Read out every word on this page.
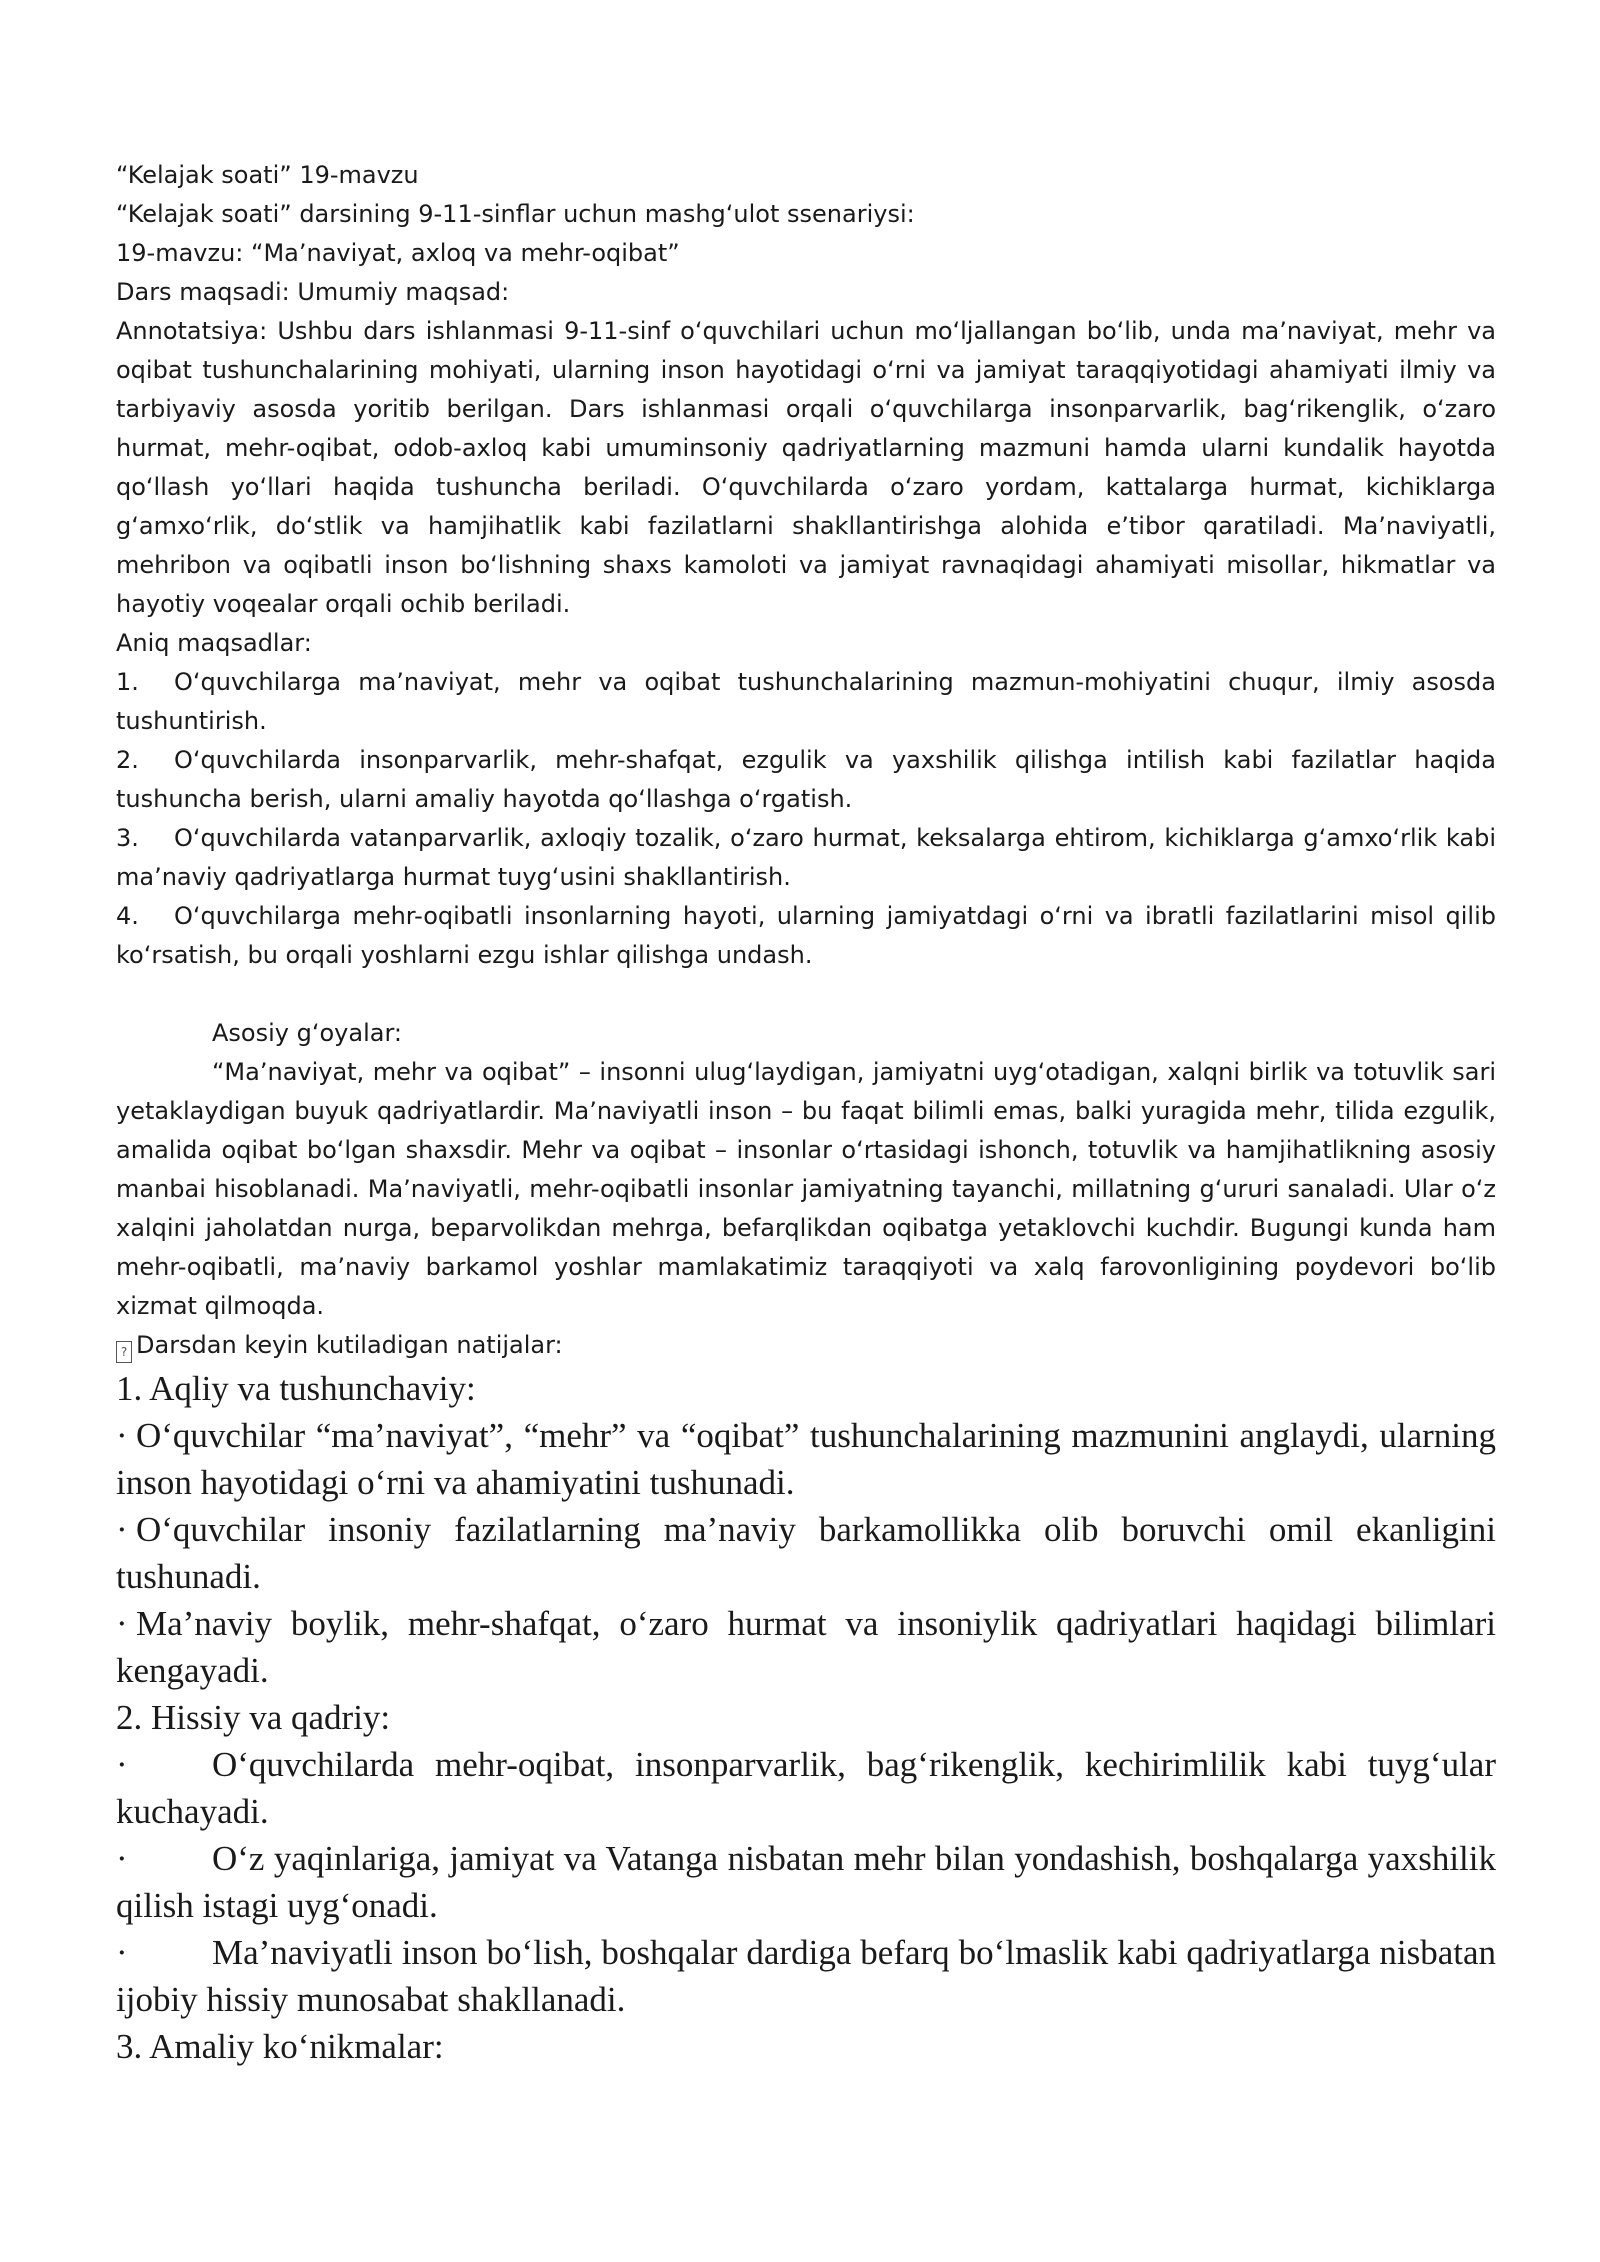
“Kelajak soati” 19-mavzu

“Kelajak soati” darsining 9-11-sinflar uchun mashg‘ulot ssenariysi:

19-mavzu: “Ma’naviyat, axloq va mehr-oqibat”

Dars maqsadi: Umumiy maqsad:

Annotatsiya: Ushbu dars ishlanmasi 9-11-sinf o‘quvchilari uchun mo‘ljallangan bo‘lib, unda ma’naviyat, mehr va oqibat tushunchalarining mohiyati, ularning inson hayotidagi o‘rni va jamiyat taraqqiyotidagi ahamiyati ilmiy va tarbiyaviy asosda yoritib berilgan. Dars ishlanmasi orqali o‘quvchilarga insonparvarlik, bag‘rikenglik, o‘zaro hurmat, mehr-oqibat, odob-axloq kabi umuminsoniy qadriyatlarning mazmuni hamda ularni kundalik hayotda qo‘llash yo‘llari haqida tushuncha beriladi. O‘quvchilarda o‘zaro yordam, kattalarga hurmat, kichiklarga g‘amxo‘rlik, do‘stlik va hamjihatlik kabi fazilatlarni shakllantirishga alohida e’tibor qaratiladi. Ma’naviyatli, mehribon va oqibatli inson bo‘lishning shaxs kamoloti va jamiyat ravnaqidagi ahamiyati misollar, hikmatlar va hayotiy voqealar orqali ochib beriladi.

Aniq maqsadlar:

1. O‘quvchilarga ma’naviyat, mehr va oqibat tushunchalarining mazmun-mohiyatini chuqur, ilmiy asosda tushuntirish.

2. O‘quvchilarda insonparvarlik, mehr-shafqat, ezgulik va yaxshilik qilishga intilish kabi fazilatlar haqida tushuncha berish, ularni amaliy hayotda qo‘llashga o‘rgatish.

3. O‘quvchilarda vatanparvarlik, axloqiy tozalik, o‘zaro hurmat, keksalarga ehtirom, kichiklarga g‘amxo‘rlik kabi ma’naviy qadriyatlarga hurmat tuyg‘usini shakllantirish.

4. O‘quvchilarga mehr-oqibatli insonlarning hayoti, ularning jamiyatdagi o‘rni va ibratli fazilatlarini misol qilib ko‘rsatish, bu orqali yoshlarni ezgu ishlar qilishga undash.

Asosiy g‘oyalar:

“Ma’naviyat, mehr va oqibat” – insonni ulug‘laydigan, jamiyatni uyg‘otadigan, xalqni birlik va totuvlik sari yetaklaydigan buyuk qadriyatlardir. Ma’naviyatli inson – bu faqat bilimli emas, balki yuragida mehr, tilida ezgulik, amalida oqibat bo‘lgan shaxsdir. Mehr va oqibat – insonlar o‘rtasidagi ishonch, totuvlik va hamjihatlikning asosiy manbai hisoblanadi. Ma’naviyatli, mehr-oqibatli insonlar jamiyatning tayanchi, millatning g‘ururi sanaladi. Ular o‘z xalqini jaholatdan nurga, beparvolikdan mehrga, befarqlikdan oqibatga yetaklovchi kuchdir. Bugungi kunda ham mehr-oqibatli, ma’naviy barkamol yoshlar mamlakatimiz taraqqiyoti va xalq farovonligining poydevori bo‘lib xizmat qilmoqda.

? Darsdan keyin kutiladigan natijalar:

1. Aqliy va tushunchaviy:

· O‘quvchilar “ma’naviyat”, “mehr” va “oqibat” tushunchalarining mazmunini anglaydi, ularning inson hayotidagi o‘rni va ahamiyatini tushunadi.

· O‘quvchilar insoniy fazilatlarning ma’naviy barkamollikka olib boruvchi omil ekanligini tushunadi.

· Ma’naviy boylik, mehr-shafqat, o‘zaro hurmat va insoniylik qadriyatlari haqidagi bilimlari kengayadi.

2. Hissiy va qadriy:

· O‘quvchilarda mehr-oqibat, insonparvarlik, bag‘rikenglik, kechirimlilik kabi tuyg‘ular kuchayadi.

· O‘z yaqinlariga, jamiyat va Vatanga nisbatan mehr bilan yondashish, boshqalarga yaxshilik qilish istagi uyg‘onadi.

· Ma’naviyatli inson bo‘lish, boshqalar dardiga befarq bo‘lmaslik kabi qadriyatlarga nisbatan ijobiy hissiy munosabat shakllanadi.

3. Amaliy ko‘nikmalar:
